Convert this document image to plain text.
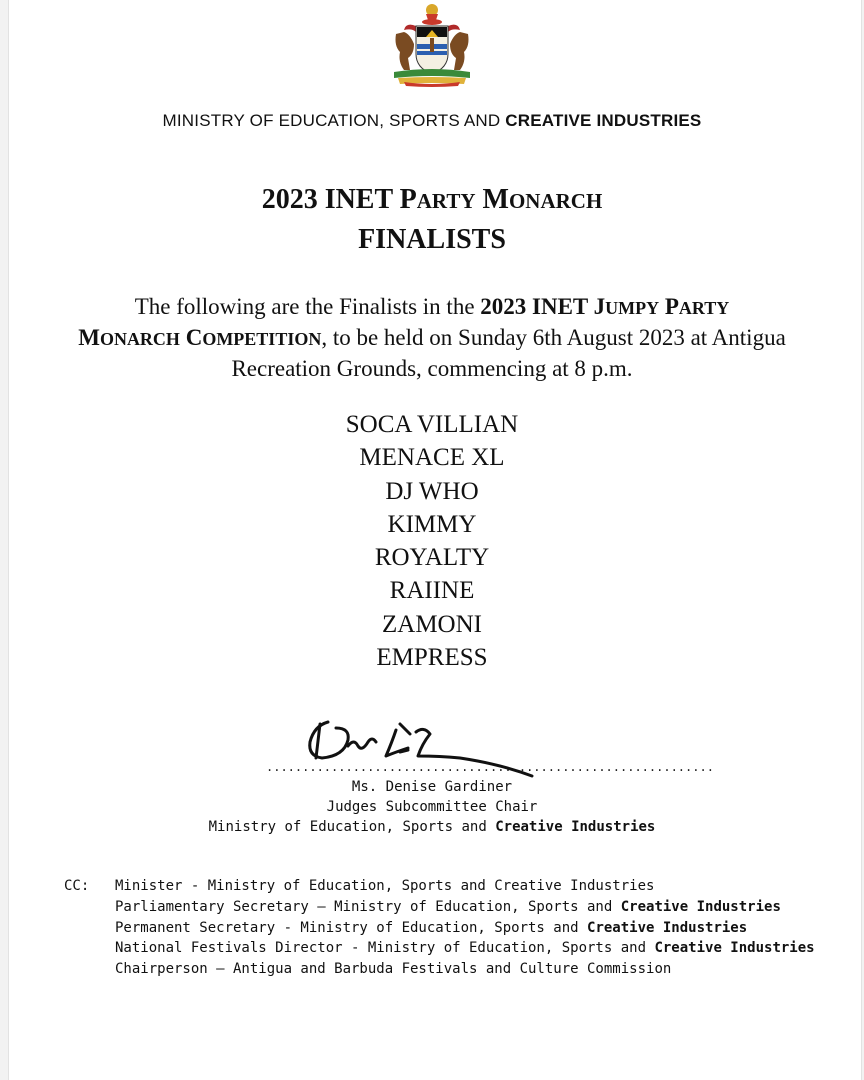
MINISTRY OF EDUCATION, SPORTS AND CREATIVE INDUSTRIES
2023 INET PARTY MONARCH
FINALISTS
The following are the Finalists in the 2023 INET JUMPY PARTY
MONARCH COMPETITION, to be held on Sunday 6th August 2023 at Antigua Recreation Grounds, commencing at 8 p.m.
SOCA VILLIAN
MENACE XL
DJ WHO
KIMMY
ROYALTY
RAIINE
ZAMONI
EMPRESS
..............................................................
Ms. Denise Gardiner
Judges Subcommittee Chair
Ministry of Education, Sports and Creative Industries
CC: Minister - Ministry of Education, Sports and Creative Industries
Parliamentary Secretary – Ministry of Education, Sports and Creative Industries
Permanent Secretary - Ministry of Education, Sports and Creative Industries
National Festivals Director - Ministry of Education, Sports and Creative Industries
Chairperson – Antigua and Barbuda Festivals and Culture Commission
